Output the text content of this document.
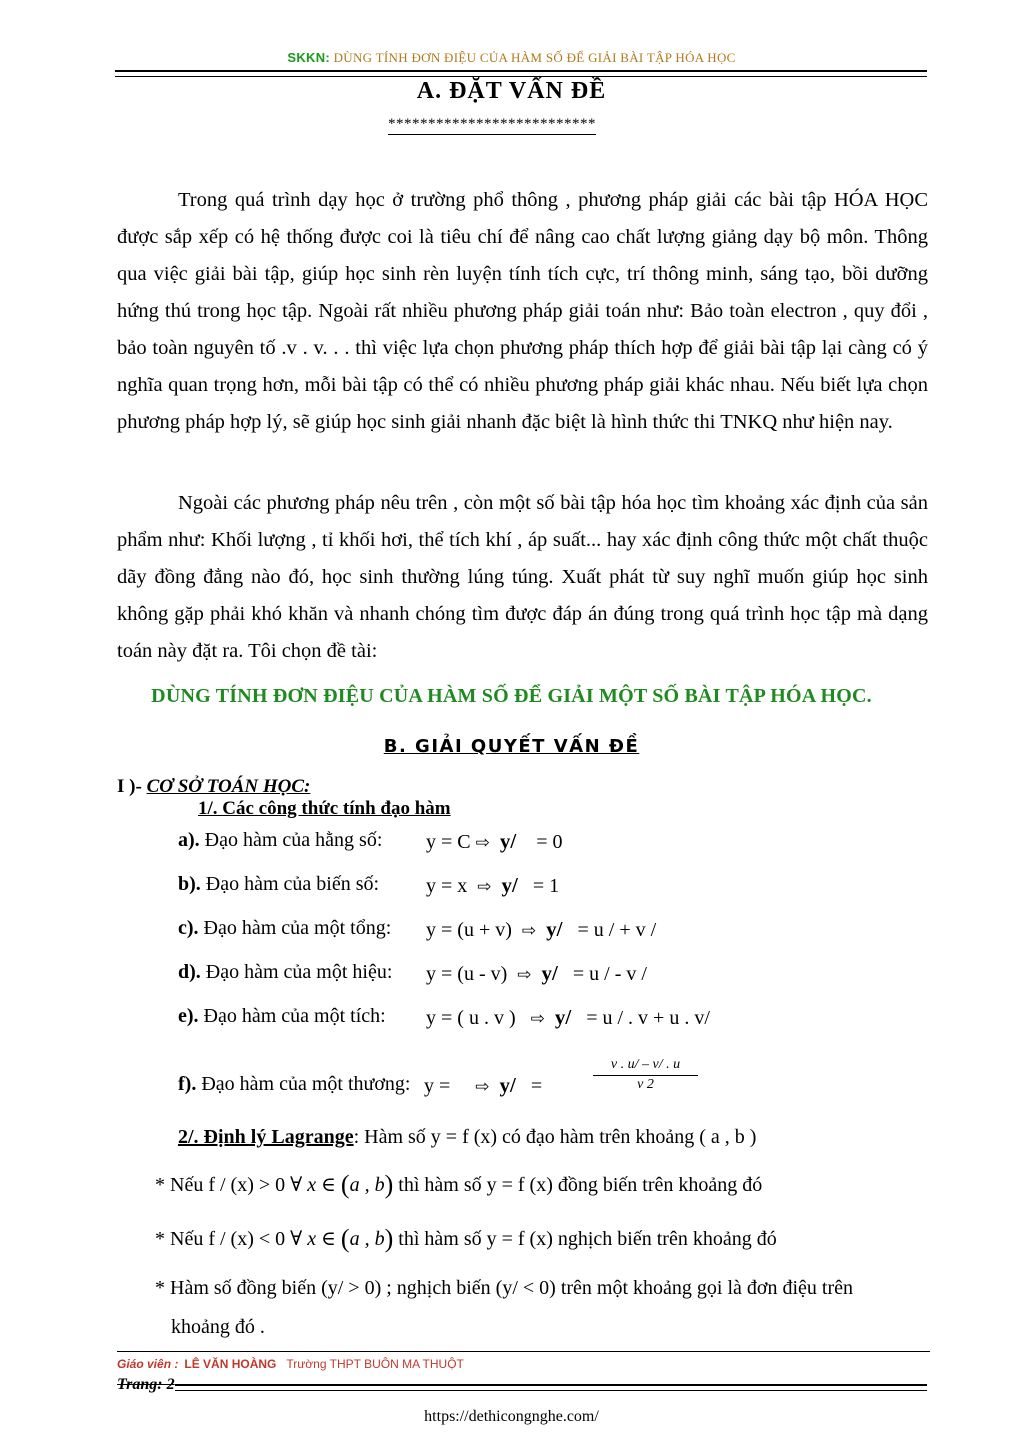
SKKN: DÙNG TÍNH ĐƠN ĐIỆU CỦA HÀM SỐ ĐỂ GIẢI BÀI TẬP HÓA HỌC
A. ĐẶT VẤN ĐỀ
**************************
Trong quá trình dạy học ở trường phổ thông , phương pháp giải các bài tập HÓA HỌC được sắp xếp có hệ thống được coi là tiêu chí để nâng cao chất lượng giảng dạy bộ môn. Thông qua việc giải bài tập, giúp học sinh rèn luyện tính tích cực, trí thông minh, sáng tạo, bồi dưỡng hứng thú trong học tập. Ngoài rất nhiều phương pháp giải toán như: Bảo toàn electron , quy đổi , bảo toàn nguyên tố .v . v. . . thì việc lựa chọn phương pháp thích hợp để giải bài tập lại càng có ý nghĩa quan trọng hơn, mỗi bài tập có thể có nhiều phương pháp giải khác nhau. Nếu biết lựa chọn phương pháp hợp lý, sẽ giúp học sinh giải nhanh đặc biệt là hình thức thi TNKQ như hiện nay.
Ngoài các phương pháp nêu trên , còn một số bài tập hóa học tìm khoảng xác định của sản phẩm như: Khối lượng , tỉ khối hơi, thể tích khí , áp suất... hay xác định công thức một chất thuộc dãy đồng đẳng nào đó, học sinh thường lúng túng. Xuất phát từ suy nghĩ muốn giúp học sinh không gặp phải khó khăn và nhanh chóng tìm được đáp án đúng trong quá trình học tập mà dạng toán này đặt ra. Tôi chọn đề tài:
DÙNG TÍNH ĐƠN ĐIỆU CỦA HÀM SỐ ĐỂ GIẢI MỘT SỐ BÀI TẬP HÓA HỌC.
B. GIẢI QUYẾT VẤN ĐỀ
I )- CƠ SỞ TOÁN HỌC:
1/. Các công thức tính đạo hàm
a). Đạo hàm của hằng số: y = C ⇨ y/ = 0
b). Đạo hàm của biến số: y = x ⇨ y/ = 1
c). Đạo hàm của một tổng: y = (u + v) ⇨ y/ = u / + v /
d). Đạo hàm của một hiệu: y = (u - v) ⇨ y/ = u / - v /
e). Đạo hàm của một tích: y = ( u . v ) ⇨ y/ = u / . v + u . v/
f). Đạo hàm của một thương: y = ⇨ y/ =	$\frac{v . u/ - v/ . u}{v 2}$
2/. Định lý Lagrange: Hàm số y = f (x) có đạo hàm trên khoảng ( a , b )
* Nếu f / (x) > 0 ∀ x ∈ (a , b) thì hàm số y = f (x) đồng biến trên khoảng đó
* Nếu f / (x) < 0 ∀ x ∈ (a , b) thì hàm số y = f (x) nghịch biến trên khoảng đó
* Hàm số đồng biến (y/ > 0) ; nghịch biến (y/ < 0) trên một khoảng gọi là đơn điệu trên
khoảng đó .
Giáo viên : LÊ VĂN HOÀNG Trường THPT BUÔN MA THUỘT
Trang: 2
https://dethicongnghe.com/
